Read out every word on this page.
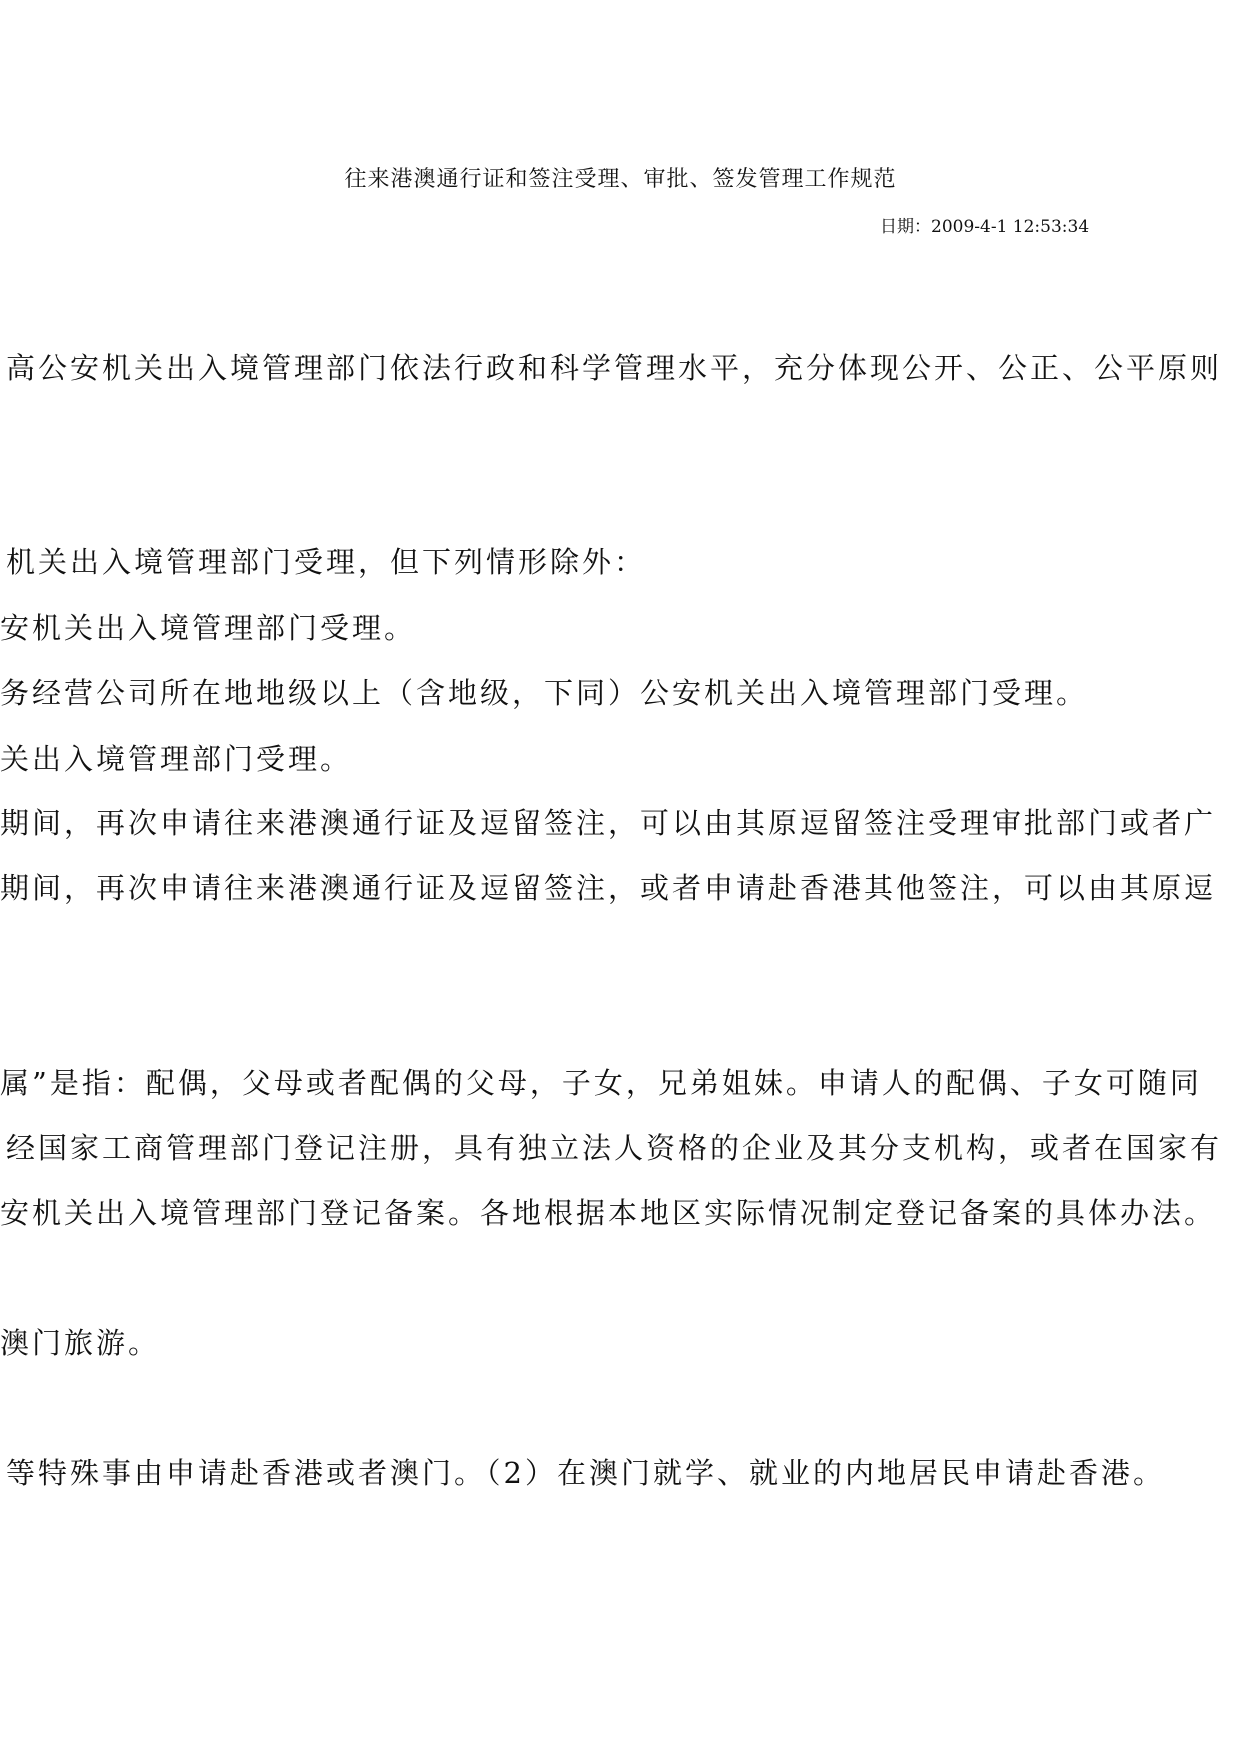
往来港澳通行证和签注受理、审批、签发管理工作规范
日期：2009-4-1 12:53:34
高公安机关出入境管理部门依法行政和科学管理水平，充分体现公开、公正、公平原则
机关出入境管理部门受理，但下列情形除外：
安机关出入境管理部门受理。
务经营公司所在地地级以上（含地级，下同）公安机关出入境管理部门受理。
关出入境管理部门受理。
期间，再次申请往来港澳通行证及逗留签注，可以由其原逗留签注受理审批部门或者广
期间，再次申请往来港澳通行证及逗留签注，或者申请赴香港其他签注，可以由其原逗
属”是指：配偶，父母或者配偶的父母，子女，兄弟姐妹。申请人的配偶、子女可随同
经国家工商管理部门登记注册，具有独立法人资格的企业及其分支机构，或者在国家有
安机关出入境管理部门登记备案。各地根据本地区实际情况制定登记备案的具体办法。
澳门旅游。
等特殊事由申请赴香港或者澳门。（2）在澳门就学、就业的内地居民申请赴香港。
